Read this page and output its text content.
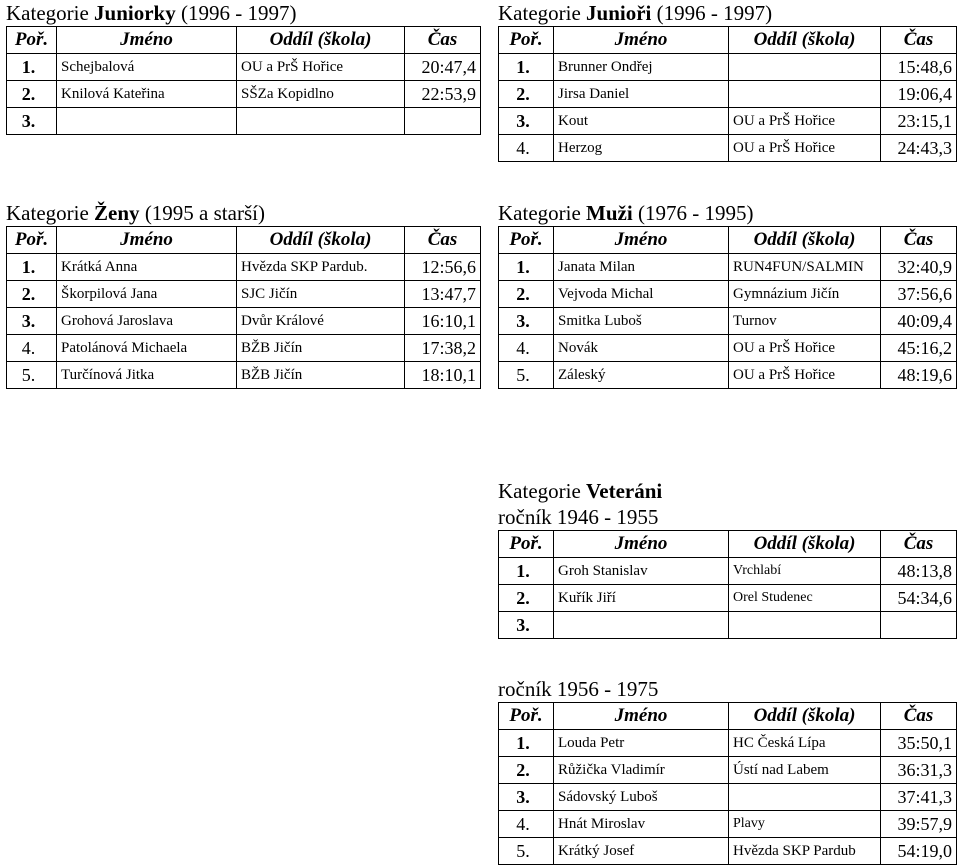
Kategorie Juniorky (1996 - 1997)
Poř.	Jméno	Oddíl (škola)	Čas
1.	Schejbalová	OU a PrŠ Hořice	20:47,4
2.	Knilová Kateřina	SŠZa Kopidlno	22:53,9
3.			
Kategorie Junioři (1996 - 1997)
Poř.	Jméno	Oddíl (škola)	Čas
1.	Brunner Ondřej		15:48,6
2.	Jirsa Daniel		19:06,4
3.	Kout	OU a PrŠ Hořice	23:15,1
4.	Herzog	OU a PrŠ Hořice	24:43,3
Kategorie Ženy (1995 a starší)
Poř.	Jméno	Oddíl (škola)	Čas
1.	Krátká Anna	Hvězda SKP Pardub.	12:56,6
2.	Škorpilová Jana	SJC Jičín	13:47,7
3.	Grohová Jaroslava	Dvůr Králové	16:10,1
4.	Patolánová Michaela	BŽB Jičín	17:38,2
5.	Turčínová Jitka	BŽB Jičín	18:10,1
Kategorie Muži (1976 - 1995)
Poř.	Jméno	Oddíl (škola)	Čas
1.	Janata Milan	RUN4FUN/SALMIN	32:40,9
2.	Vejvoda Michal	Gymnázium Jičín	37:56,6
3.	Smitka Luboš	Turnov	40:09,4
4.	Novák	OU a PrŠ Hořice	45:16,2
5.	Záleský	OU a PrŠ Hořice	48:19,6
Kategorie Veteráni
ročník 1946 - 1955
Poř.	Jméno	Oddíl (škola)	Čas
1.	Groh Stanislav	Vrchlabí	48:13,8
2.	Kuřík Jiří	Orel Studenec	54:34,6
3.			
ročník 1956 - 1975
Poř.	Jméno	Oddíl (škola)	Čas
1.	Louda Petr	HC Česká Lípa	35:50,1
2.	Růžička Vladimír	Ústí nad Labem	36:31,3
3.	Sádovský Luboš		37:41,3
4.	Hnát Miroslav	Plavy	39:57,9
5.	Krátký Josef	Hvězda SKP Pardub	54:19,0
